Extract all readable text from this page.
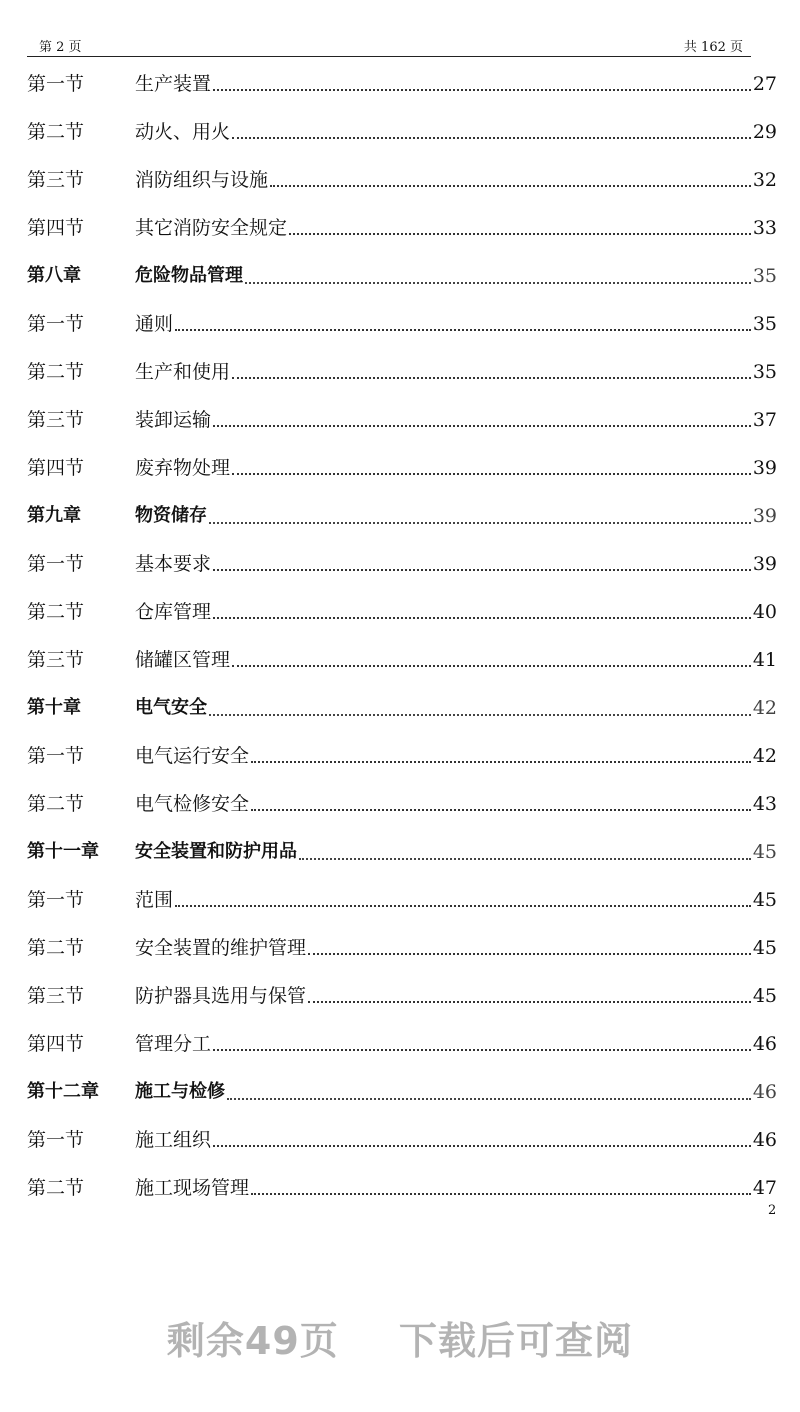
第 2 页	共 162 页
第一节	生产装置	27
第二节	动火、用火	29
第三节	消防组织与设施	32
第四节	其它消防安全规定	33
第八章	危险物品管理	35
第一节	通则	35
第二节	生产和使用	35
第三节	装卸运输	37
第四节	废弃物处理	39
第九章	物资储存	39
第一节	基本要求	39
第二节	仓库管理	40
第三节	储罐区管理	41
第十章	电气安全	42
第一节	电气运行安全	42
第二节	电气检修安全	43
第十一章	安全装置和防护用品	45
第一节	范围	45
第二节	安全装置的维护管理	45
第三节	防护器具选用与保管	45
第四节	管理分工	46
第十二章	施工与检修	46
第一节	施工组织	46
第二节	施工现场管理	47
2
剩余49页 下载后可查阅
